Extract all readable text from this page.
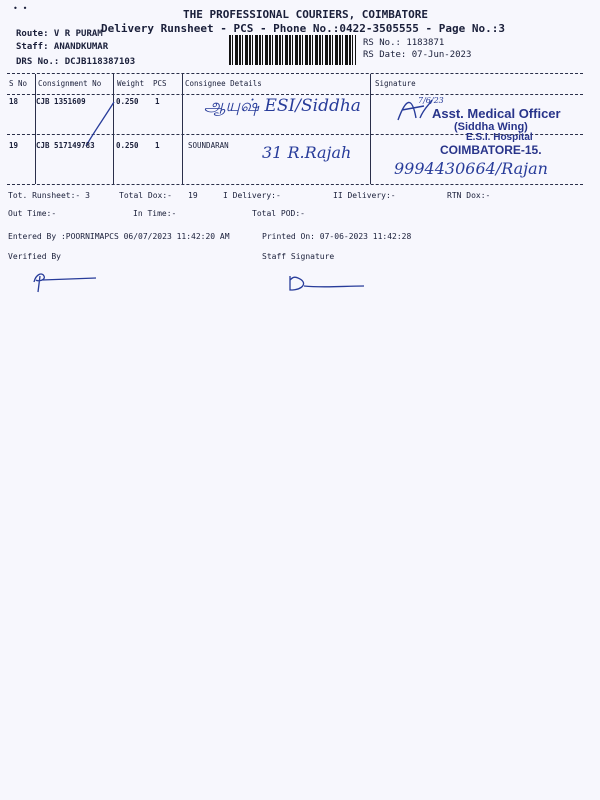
• •	THE PROFESSIONAL COURIERS, COIMBATORE
Delivery Runsheet - PCS - Phone No.:0422-3505555 - Page No.:3
Route: V R PURAM
Staff: ANANDKUMAR
DRS No.: DCJB118387103
RS No.: 1183871
RS Date: 07-Jun-2023
S No Consignment No Weight PCS Consignee Details	Signature
18 CJB 1351609	0.250 1	ஆயுஷ் ESI/Siddha	7/6/23
Asst. Medical Officer
(Siddha Wing)
E.S.I. Hospital
COIMBATORE-15.
19 CJB 517149783	0.250 1	SOUNDARAN 31 R.Rajah
9994430664/Rajan
Tot. Runsheet:- 3	Total Dox:- 19	I Delivery:-	II Delivery:-	RTN Dox:-
Out Time:-	In Time:-	Total POD:-
Entered By :POORNIMAPCS 06/07/2023 11:42:20 AM	Printed On: 07-06-2023 11:42:28
Verified By	Staff Signature
